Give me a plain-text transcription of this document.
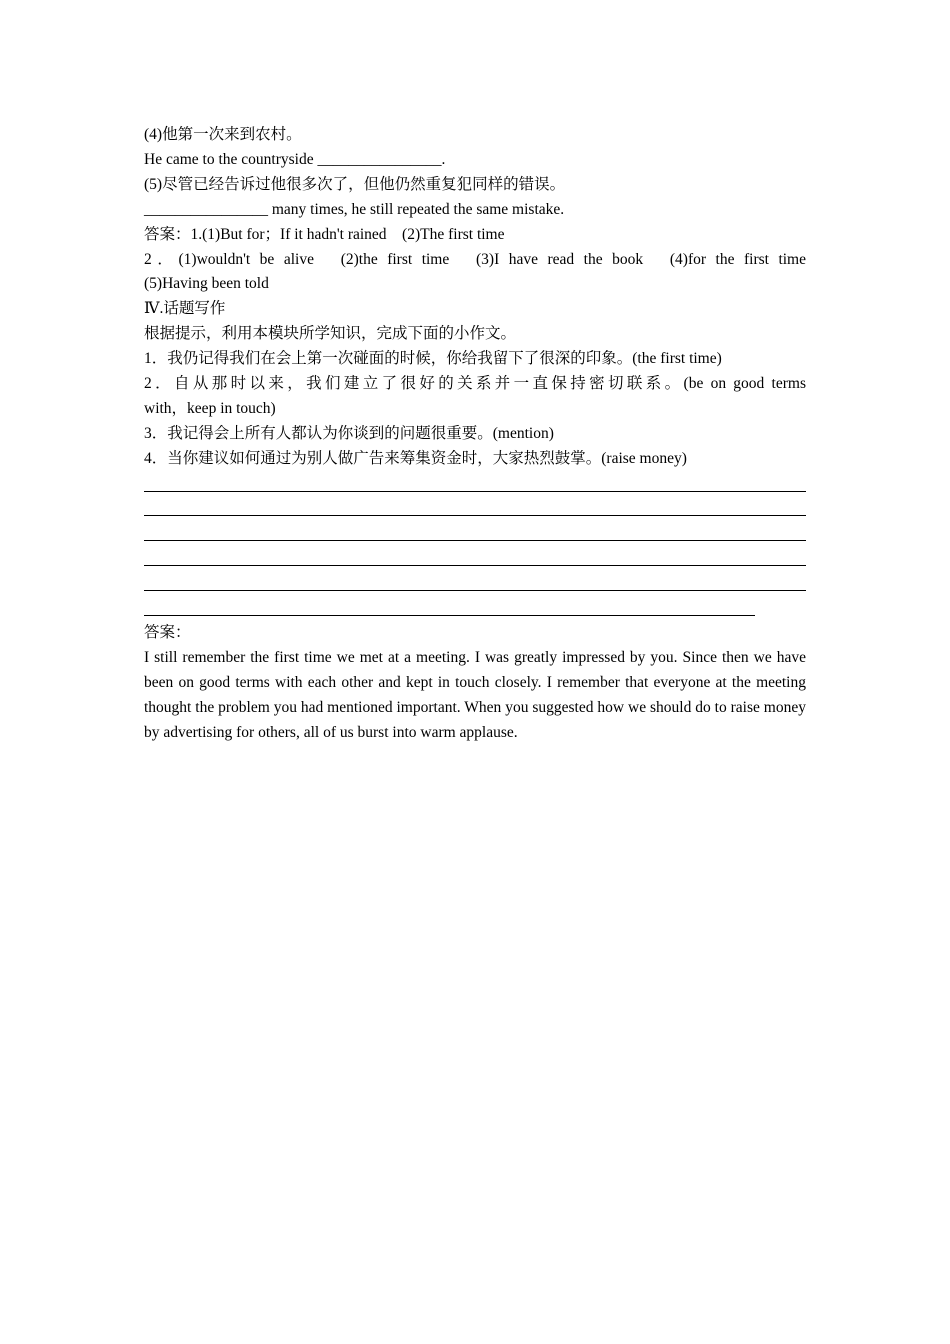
(4)他第一次来到农村。
He came to the countryside ________________.
(5)尽管已经告诉过他很多次了，但他仍然重复犯同样的错误。
________________ many times, he still repeated the same mistake.
答案：1.(1)But for；If it hadn't rained　(2)The first time
2．(1)wouldn't be alive　(2)the first time　(3)I have read the book　(4)for the first time
(5)Having been told
Ⅳ.话题写作
根据提示，利用本模块所学知识，完成下面的小作文。
1．我仍记得我们在会上第一次碰面的时候，你给我留下了很深的印象。(the first time)
2．自从那时以来，我们建立了很好的关系并一直保持密切联系。(be on good terms
with，keep in touch)
3．我记得会上所有人都认为你谈到的问题很重要。(mention)
4．当你建议如何通过为别人做广告来筹集资金时，大家热烈鼓掌。(raise money)
答案：
I still remember the first time we met at a meeting. I was greatly impressed by you. Since then we have been on good terms with each other and kept in touch closely. I remember that everyone at the meeting thought the problem you had mentioned important. When you suggested how we should do to raise money by advertising for others, all of us burst into warm applause.
